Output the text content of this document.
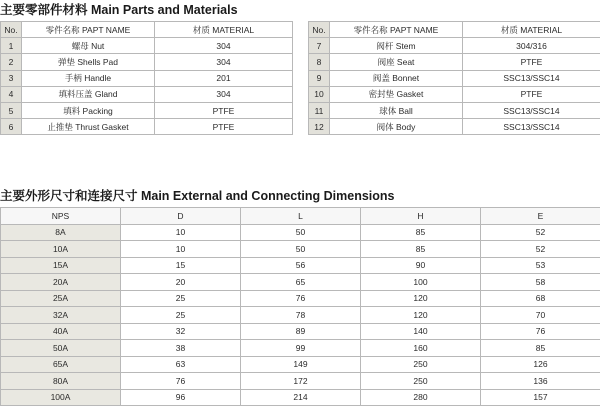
主要零部件材料 Main Parts and Materials
No.	零件名称 PAPT NAME	材质 MATERIAL
1	螺母 Nut	304
2	弹垫 Shells Pad	304
3	手柄 Handle	201
4	填料压盖 Gland	304
5	填料 Packing	PTFE
6	止推垫 Thrust Gasket	PTFE
No.	零件名称 PAPT NAME	材质 MATERIAL
7	阀杆 Stem	304/316
8	阀座 Seat	PTFE
9	阀盖 Bonnet	SSC13/SSC14
10	密封垫 Gasket	PTFE
11	球体 Ball	SSC13/SSC14
12	阀体 Body	SSC13/SSC14
主要外形尺寸和连接尺寸 Main External and Connecting Dimensions
NPS	D	L	H	E
8A	10	50	85	52
10A	10	50	85	52
15A	15	56	90	53
20A	20	65	100	58
25A	25	76	120	68
32A	25	78	120	70
40A	32	89	140	76
50A	38	99	160	85
65A	63	149	250	126
80A	76	172	250	136
100A	96	214	280	157
